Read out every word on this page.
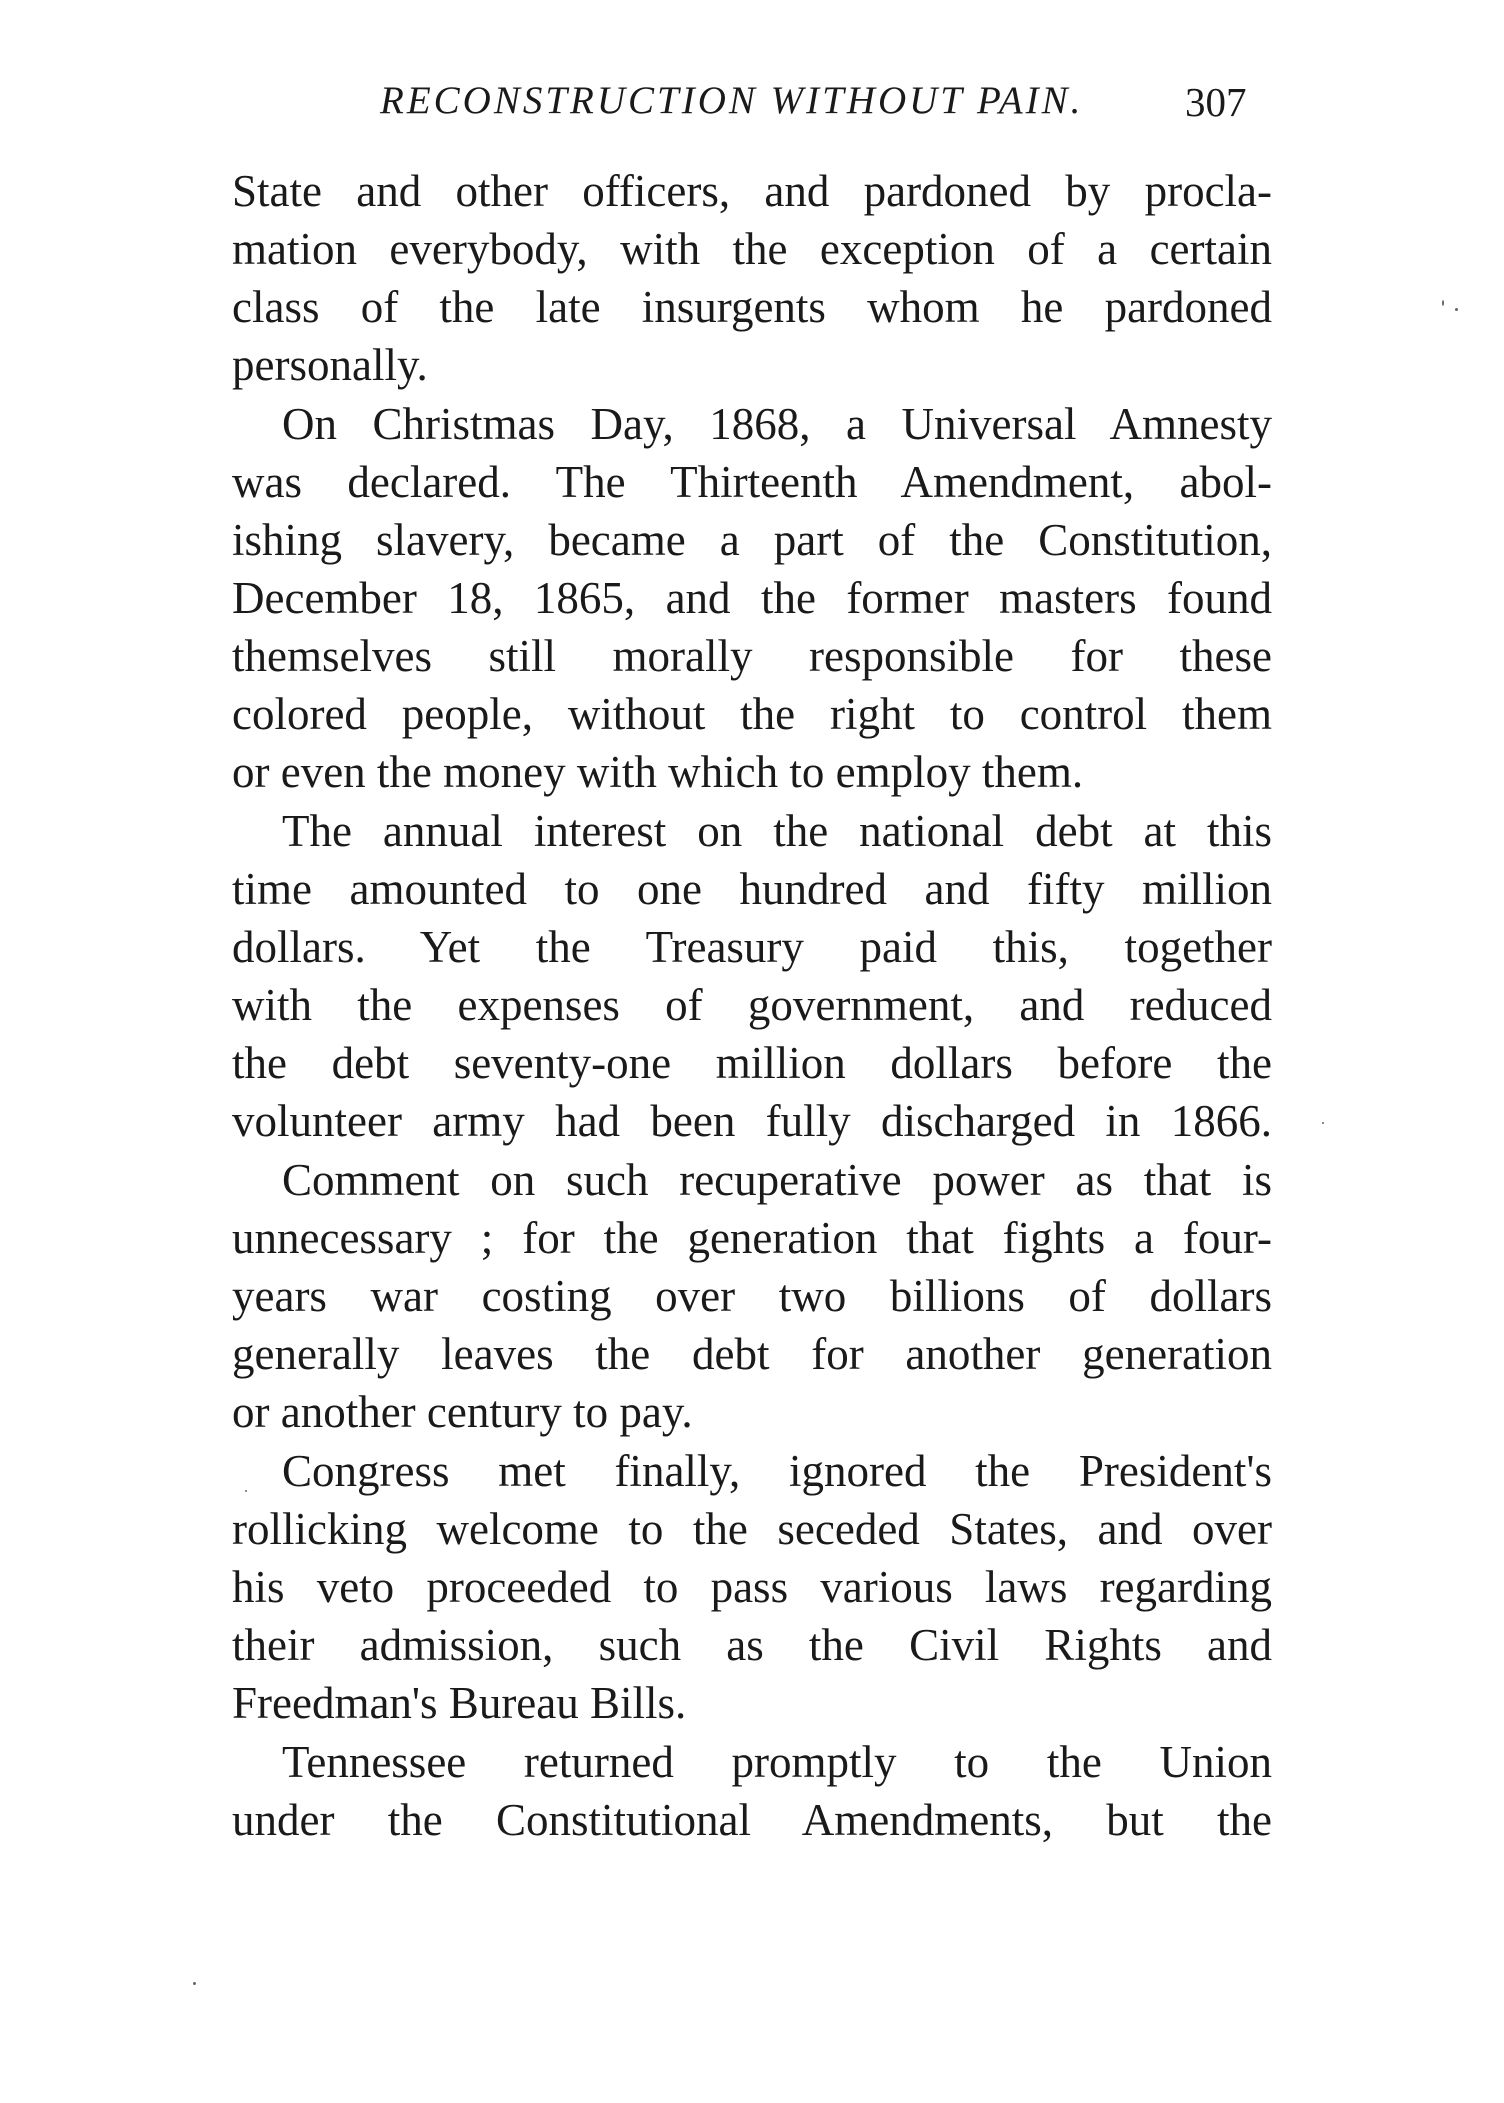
RECONSTRUCTION WITHOUT PAIN. 307
State and other officers, and pardoned by procla-
mation everybody, with the exception of a certain
class of the late insurgents whom he pardoned
personally.
On Christmas Day, 1868, a Universal Amnesty
was declared. The Thirteenth Amendment, abol-
ishing slavery, became a part of the Constitution,
December 18, 1865, and the former masters found
themselves still morally responsible for these
colored people, without the right to control them
or even the money with which to employ them.
The annual interest on the national debt at this
time amounted to one hundred and fifty million
dollars. Yet the Treasury paid this, together
with the expenses of government, and reduced
the debt seventy-one million dollars before the
volunteer army had been fully discharged in 1866.
Comment on such recuperative power as that is
unnecessary ; for the generation that fights a four-
years war costing over two billions of dollars
generally leaves the debt for another generation
or another century to pay.
Congress met finally, ignored the President's
rollicking welcome to the seceded States, and over
his veto proceeded to pass various laws regarding
their admission, such as the Civil Rights and
Freedman's Bureau Bills.
Tennessee returned promptly to the Union
under the Constitutional Amendments, but the
